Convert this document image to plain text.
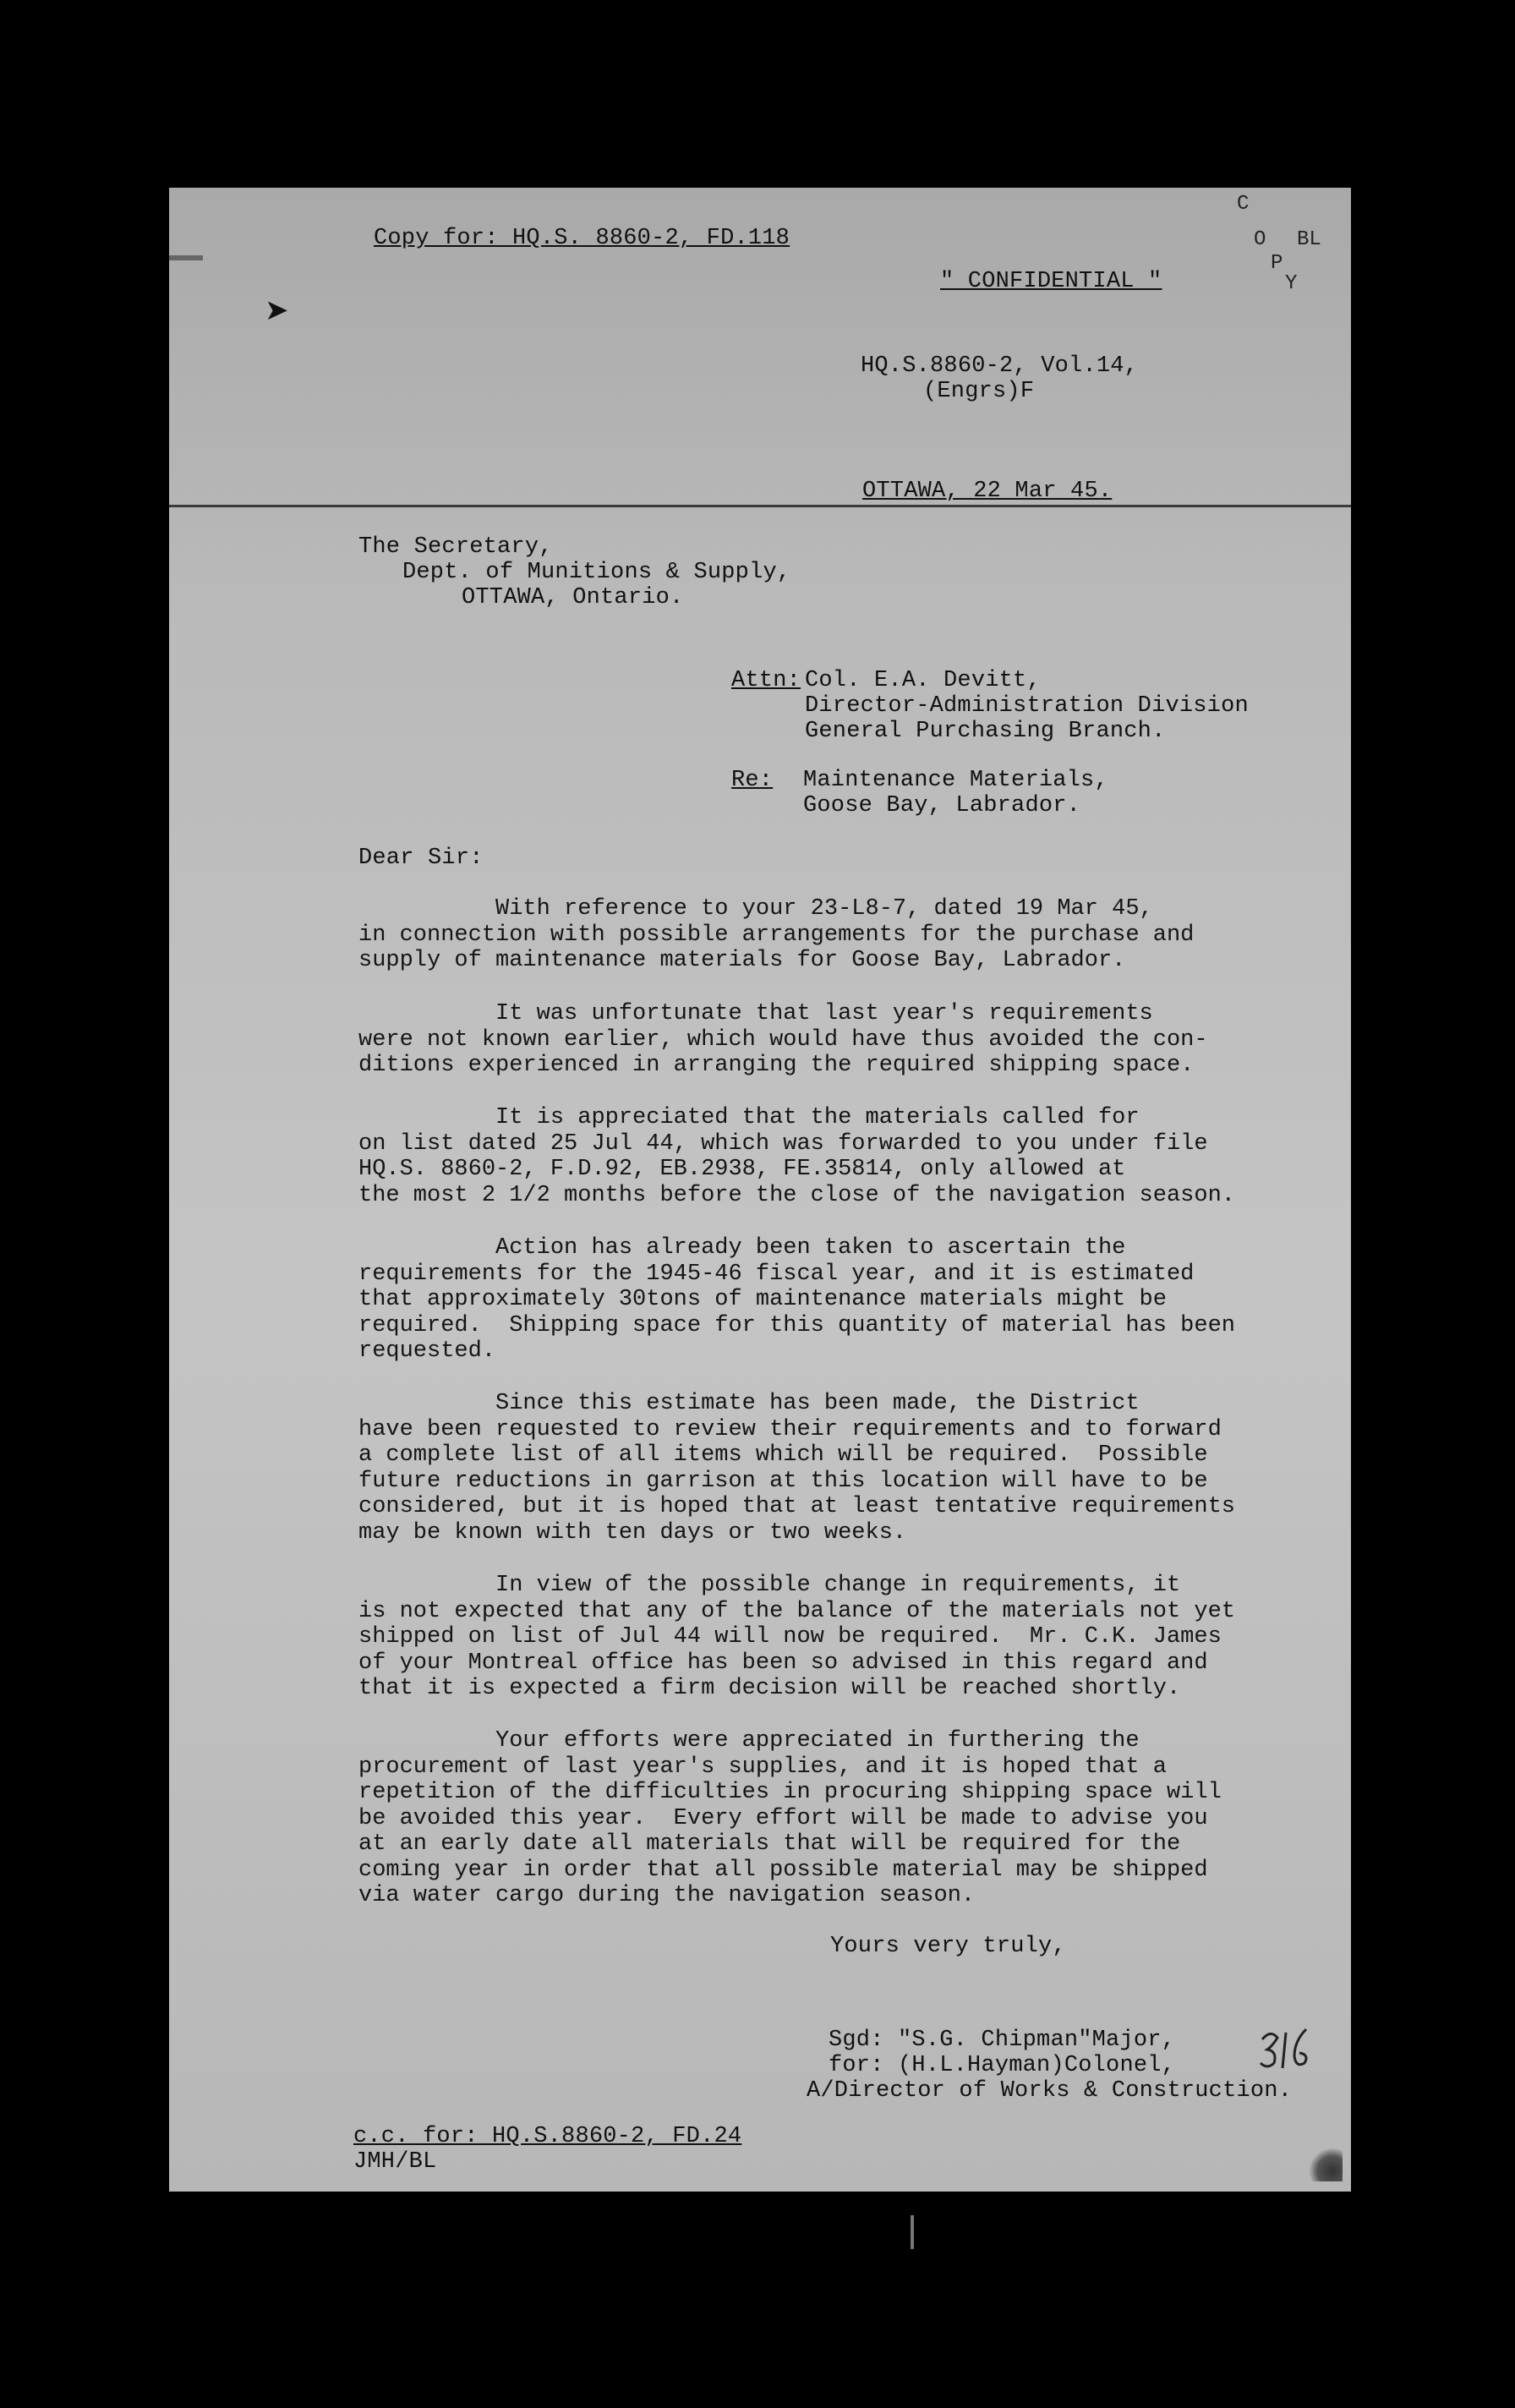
➤
Copy for: HQ.S. 8860-2, FD.118
C
O BL
P
Y
" CONFIDENTIAL "
HQ.S.8860-2, Vol.14,
(Engrs)F
OTTAWA, 22 Mar 45.
The Secretary,
Dept. of Munitions & Supply,
OTTAWA, Ontario.
Attn: Col. E.A. Devitt,
Director-Administration Division
General Purchasing Branch.
Re: Maintenance Materials,
Goose Bay, Labrador.
Dear Sir:
With reference to your 23-L8-7, dated 19 Mar 45,
in connection with possible arrangements for the purchase and
supply of maintenance materials for Goose Bay, Labrador.
It was unfortunate that last year's requirements
were not known earlier, which would have thus avoided the con-
ditions experienced in arranging the required shipping space.
It is appreciated that the materials called for
on list dated 25 Jul 44, which was forwarded to you under file
HQ.S. 8860-2, F.D.92, EB.2938, FE.35814, only allowed at
the most 2 1/2 months before the close of the navigation season.
Action has already been taken to ascertain the
requirements for the 1945-46 fiscal year, and it is estimated
that approximately 30tons of maintenance materials might be
required.  Shipping space for this quantity of material has been
requested.
Since this estimate has been made, the District
have been requested to review their requirements and to forward
a complete list of all items which will be required.  Possible
future reductions in garrison at this location will have to be
considered, but it is hoped that at least tentative requirements
may be known with ten days or two weeks.
In view of the possible change in requirements, it
is not expected that any of the balance of the materials not yet
shipped on list of Jul 44 will now be required.  Mr. C.K. James
of your Montreal office has been so advised in this regard and
that it is expected a firm decision will be reached shortly.
Your efforts were appreciated in furthering the
procurement of last year's supplies, and it is hoped that a
repetition of the difficulties in procuring shipping space will
be avoided this year.  Every effort will be made to advise you
at an early date all materials that will be required for the
coming year in order that all possible material may be shipped
via water cargo during the navigation season.
Yours very truly,
Sgd: "S.G. Chipman"Major,
for: (H.L.Hayman)Colonel,
A/Director of Works & Construction.
c.c. for: HQ.S.8860-2, FD.24
JMH/BL
